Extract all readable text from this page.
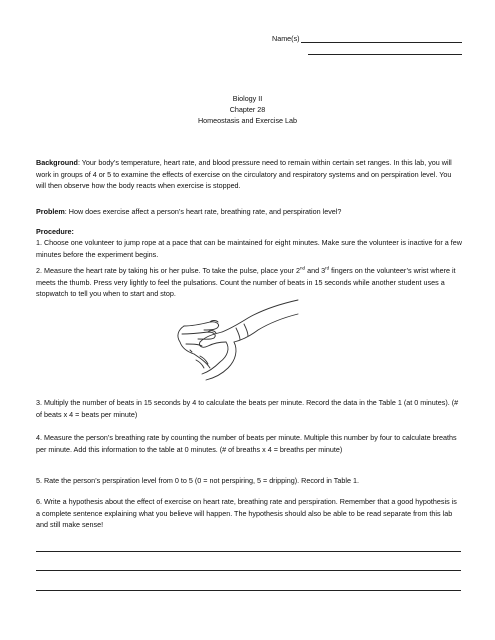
Name(s)
Biology II
Chapter 28
Homeostasis and Exercise Lab
Background: Your body’s temperature, heart rate, and blood pressure need to remain within certain set ranges. In this lab, you will work in groups of 4 or 5 to examine the effects of exercise on the circulatory and respiratory systems and on perspiration level. You will then observe how the body reacts when exercise is stopped.
Problem: How does exercise affect a person’s heart rate, breathing rate, and perspiration level?
Procedure:
1. Choose one volunteer to jump rope at a pace that can be maintained for eight minutes. Make sure the volunteer is inactive for a few minutes before the experiment begins.
2. Measure the heart rate by taking his or her pulse. To take the pulse, place your 2nd and 3rd fingers on the volunteer’s wrist where it meets the thumb. Press very lightly to feel the pulsations. Count the number of beats in 15 seconds while another student uses a stopwatch to tell you when to start and stop.
3. Multiply the number of beats in 15 seconds by 4 to calculate the beats per minute. Record the data in the Table 1 (at 0 minutes). (# of beats x 4 = beats per minute)
4. Measure the person’s breathing rate by counting the number of beats per minute. Multiple this number by four to calculate breaths per minute. Add this information to the table at 0 minutes. (# of breaths x 4 = breaths per minute)
5. Rate the person’s perspiration level from 0 to 5 (0 = not perspiring, 5 = dripping). Record in Table 1.
6. Write a hypothesis about the effect of exercise on heart rate, breathing rate and perspiration. Remember that a good hypothesis is a complete sentence explaining what you believe will happen. The hypothesis should also be able to be read separate from this lab and still make sense!
